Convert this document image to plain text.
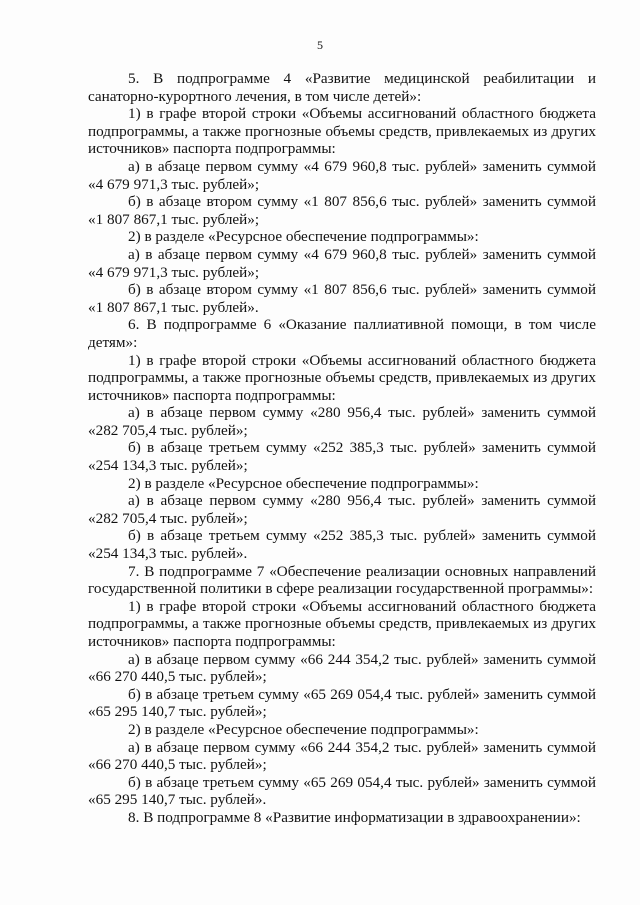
5

5. В подпрограмме 4 «Развитие медицинской реабилитации и санаторно-курортного лечения, в том числе детей»:

1) в графе второй строки «Объемы ассигнований областного бюджета подпрограммы, а также прогнозные объемы средств, привлекаемых из других источников» паспорта подпрограммы:

а) в абзаце первом сумму «4 679 960,8 тыс. рублей» заменить суммой «4 679 971,3 тыс. рублей»;

б) в абзаце втором сумму «1 807 856,6 тыс. рублей» заменить суммой «1 807 867,1 тыс. рублей»;

2) в разделе «Ресурсное обеспечение подпрограммы»:

а) в абзаце первом сумму «4 679 960,8 тыс. рублей» заменить суммой «4 679 971,3 тыс. рублей»;

б) в абзаце втором сумму «1 807 856,6 тыс. рублей» заменить суммой «1 807 867,1 тыс. рублей».

6. В подпрограмме 6 «Оказание паллиативной помощи, в том числе детям»:

1) в графе второй строки «Объемы ассигнований областного бюджета подпрограммы, а также прогнозные объемы средств, привлекаемых из других источников» паспорта подпрограммы:

а) в абзаце первом сумму «280 956,4 тыс. рублей» заменить суммой «282 705,4 тыс. рублей»;

б) в абзаце третьем сумму «252 385,3 тыс. рублей» заменить суммой «254 134,3 тыс. рублей»;

2) в разделе «Ресурсное обеспечение подпрограммы»:

а) в абзаце первом сумму «280 956,4 тыс. рублей» заменить суммой «282 705,4 тыс. рублей»;

б) в абзаце третьем сумму «252 385,3 тыс. рублей» заменить суммой «254 134,3 тыс. рублей».

7. В подпрограмме 7 «Обеспечение реализации основных направлений государственной политики в сфере реализации государственной программы»:

1) в графе второй строки «Объемы ассигнований областного бюджета подпрограммы, а также прогнозные объемы средств, привлекаемых из других источников» паспорта подпрограммы:

а) в абзаце первом сумму «66 244 354,2 тыс. рублей» заменить суммой «66 270 440,5 тыс. рублей»;

б) в абзаце третьем сумму «65 269 054,4 тыс. рублей» заменить суммой «65 295 140,7 тыс. рублей»;

2) в разделе «Ресурсное обеспечение подпрограммы»:

а) в абзаце первом сумму «66 244 354,2 тыс. рублей» заменить суммой «66 270 440,5 тыс. рублей»;

б) в абзаце третьем сумму «65 269 054,4 тыс. рублей» заменить суммой «65 295 140,7 тыс. рублей».

8. В подпрограмме 8 «Развитие информатизации в здравоохранении»:
